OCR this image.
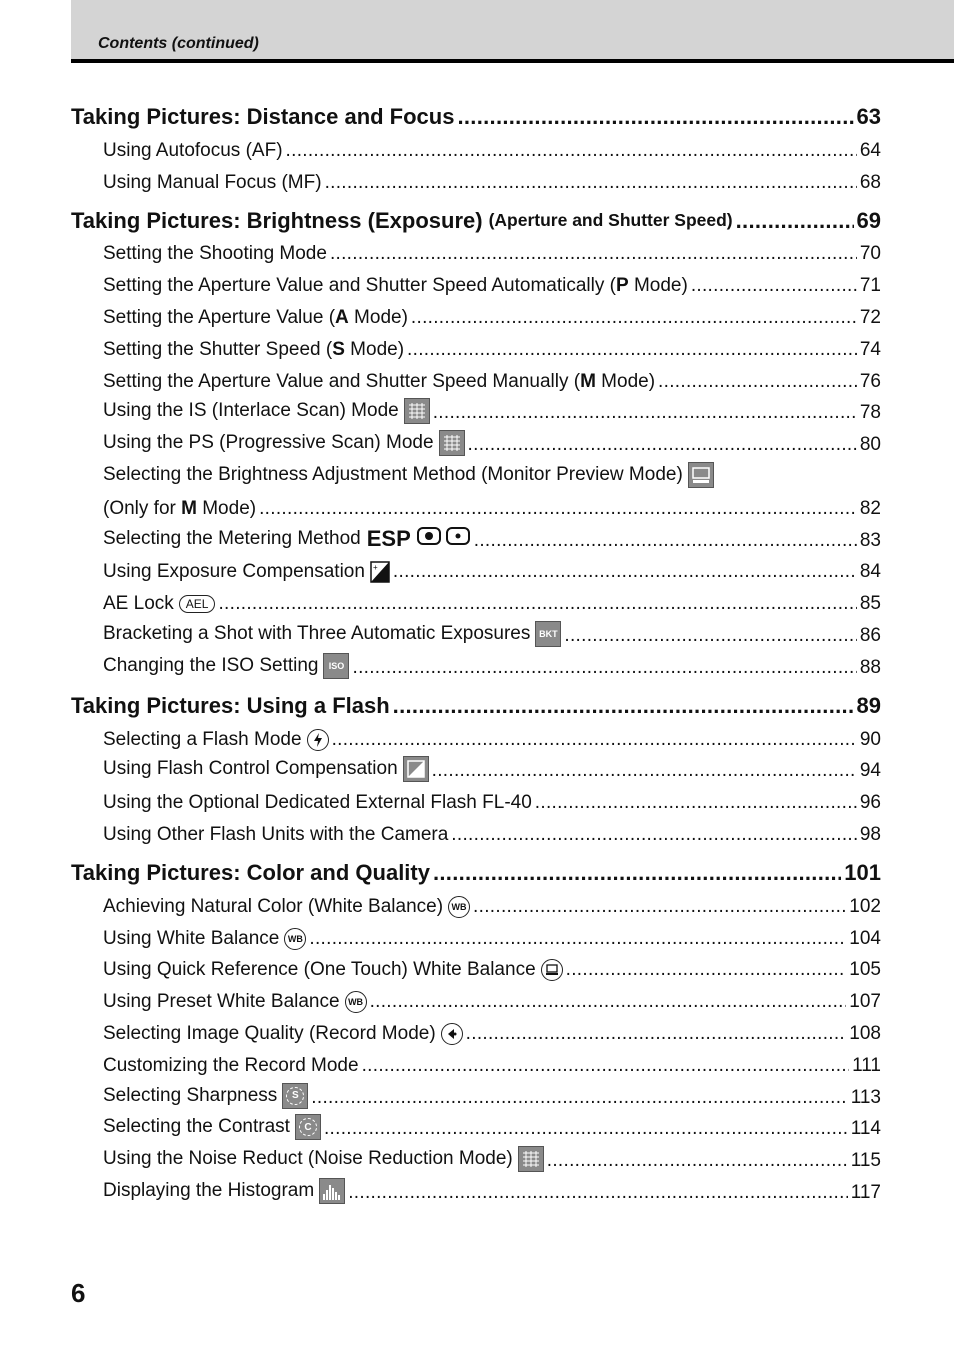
Contents (continued)
Taking Pictures: Distance and Focus .....	63
Using Autofocus (AF) .....	64
Using Manual Focus (MF) .....	68
Taking Pictures: Brightness (Exposure) (Aperture and Shutter Speed) .....	69
Setting the Shooting Mode .....	70
Setting the Aperture Value and Shutter Speed Automatically ( P Mode) .....	71
Setting the Aperture Value ( A Mode) .....	72
Setting the Shutter Speed ( S Mode) .....	74
Setting the Aperture Value and Shutter Speed Manually ( M Mode) .....	76
Using the IS (Interlace Scan) Mode .....	78
Using the PS (Progressive Scan) Mode .....	80
Selecting the Brightness Adjustment Method (Monitor Preview Mode)
(Only for M Mode) .....	82
Selecting the Metering Method ESP .....	83
Using Exposure Compensation + .....	84
AE Lock	AEL .....	85
Bracketing a Shot with Three Automatic Exposures BKT .....	86
Changing the ISO Setting	ISO .....	88
Taking Pictures: Using a Flash .....	89
Selecting a Flash Mode .....	90
Using Flash Control Compensation .....	94
Using the Optional Dedicated External Flash FL-40 .....	96
Using Other Flash Units with the Camera .....	98
Taking Pictures: Color and Quality .....	101
Achieving Natural Color (White Balance) WB .....	102
Using White Balance WB .....	104
Using Quick Reference (One Touch) White Balance .....	105
Using Preset White Balance WB .....	107
Selecting Image Quality (Record Mode) .....	108
Customizing the Record Mode .....	111
Selecting Sharpness	S .....	113
Selecting the Contrast	C .....	114
Using the Noise Reduct (Noise Reduction Mode) .....	115
Displaying the Histogram .....	117
6
